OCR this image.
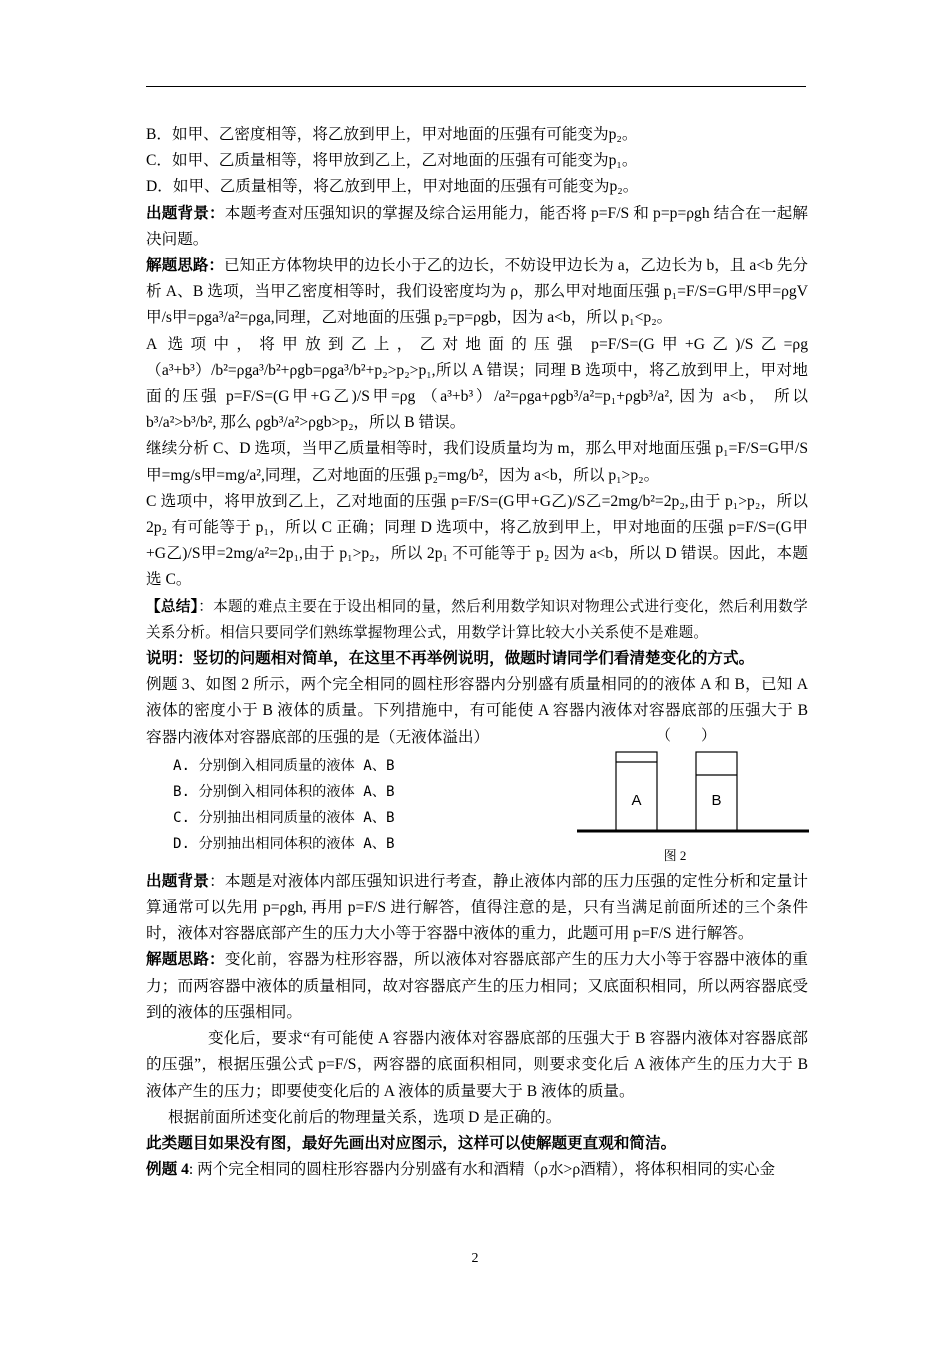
B．如甲、乙密度相等，将乙放到甲上，甲对地面的压强有可能变为p₂。

C．如甲、乙质量相等，将甲放到乙上，乙对地面的压强有可能变为p₁。

D．如甲、乙质量相等，将乙放到甲上，甲对地面的压强有可能变为p₂。

出题背景：本题考查对压强知识的掌握及综合运用能力，能否将 p=F/S 和 p=p=ρgh 结合在一起解决问题。

解题思路：已知正方体物块甲的边长小于乙的边长，不妨设甲边长为 a，乙边长为 b，且 a<b 先分析 A、B 选项，当甲乙密度相等时，我们设密度均为 ρ，那么甲对地面压强 p₁=F/S=G甲/S甲=ρgV甲/s甲=ρga³/a²=ρga,同理，乙对地面的压强 p₂=p=ρgb，因为 a<b，所以 p₁<p₂。

A 选项中，将甲放到乙上，乙对地面的压强 p=F/S=(G甲+G乙)/S乙=ρg（a³+b³）/b²=ρga³/b²+ρgb=ρga³/b²+p₂>p₂>p₁,所以 A 错误；同理 B 选项中，将乙放到甲上，甲对地面的压强 p=F/S=(G甲+G乙)/S甲=ρg （a³+b³）/a²=ρga+ρgb³/a²=p₁+ρgb³/a², 因为 a<b， 所以 b³/a²>b³/b², 那么 ρgb³/a²>ρgb>p₂，所以 B 错误。

继续分析 C、D 选项，当甲乙质量相等时，我们设质量均为 m，那么甲对地面压强 p₁=F/S=G甲/S甲=mg/s甲=mg/a²,同理，乙对地面的压强 p₂=mg/b²，因为 a<b，所以 p₁>p₂。

C 选项中，将甲放到乙上，乙对地面的压强 p=F/S=(G甲+G乙)/S乙=2mg/b²=2p₂,由于 p₁>p₂，所以 2p₂ 有可能等于 p₁，所以 C 正确；同理 D 选项中，将乙放到甲上，甲对地面的压强 p=F/S=(G甲+G乙)/S甲=2mg/a²=2p₁,由于 p₁>p₂，所以 2p₁ 不可能等于 p₂ 因为 a<b，所以 D 错误。因此，本题选 C。

【总结】：本题的难点主要在于设出相同的量，然后利用数学知识对物理公式进行变化，然后利用数学关系分析。相信只要同学们熟练掌握物理公式，用数学计算比较大小关系使不是难题。

说明：竖切的问题相对简单，在这里不再举例说明，做题时请同学们看清楚变化的方式。

例题 3、如图 2 所示，两个完全相同的圆柱形容器内分别盛有质量相同的的液体 A 和 B，已知 A 液体的密度小于 B 液体的质量。下列措施中，有可能使 A 容器内液体对容器底部的压强大于 B 容器内液体对容器底部的压强的是（无液体溢出）

A. 分别倒入相同质量的液体 A、B
B. 分别倒入相同体积的液体 A、B
C. 分别抽出相同质量的液体 A、B
D. 分别抽出相同体积的液体 A、B

出题背景：本题是对液体内部压强知识进行考查，静止液体内部的压力压强的定性分析和定量计算通常可以先用 p=ρgh, 再用 p=F/S 进行解答，值得注意的是，只有当满足前面所述的三个条件时，液体对容器底部产生的压力大小等于容器中液体的重力，此题可用 p=F/S 进行解答。

解题思路：变化前，容器为柱形容器，所以液体对容器底部产生的压力大小等于容器中液体的重力；而两容器中液体的质量相同，故对容器底产生的压力相同；又底面积相同，所以两容器底受到的液体的压强相同。

变化后，要求“有可能使 A 容器内液体对容器底部的压强大于 B 容器内液体对容器底部的压强”，根据压强公式 p=F/S，两容器的底面积相同，则要求变化后 A 液体产生的压力大于 B 液体产生的压力；即要使变化后的 A 液体的质量要大于 B 液体的质量。

根据前面所述变化前后的物理量关系，选项 D 是正确的。

此类题目如果没有图，最好先画出对应图示，这样可以使解题更直观和简洁。

例题 4: 两个完全相同的圆柱形容器内分别盛有水和酒精（ρ水>ρ酒精），将体积相同的实心金

（　　）
A	B
图 2
2
